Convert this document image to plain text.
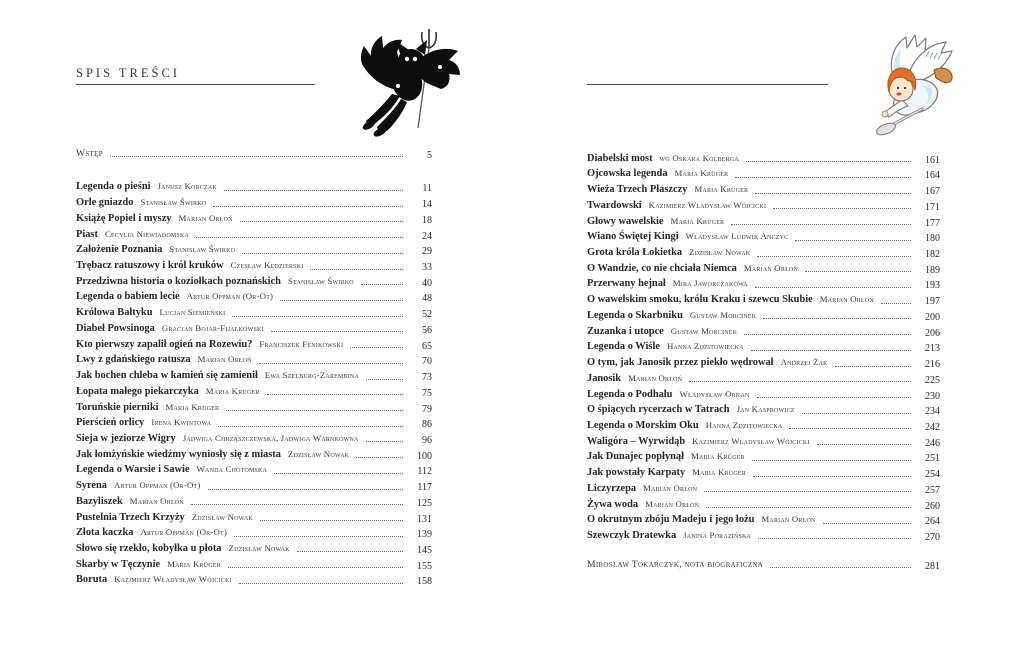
SPIS TREŚCI
Wstęp	5
Legenda o pieśni Janusz Korczak	11
Orle gniazdo Stanisław Świrko	14
Książę Popiel i myszy Marian Orłoń	18
Piast Cecylia Niewiadomska	24
Założenie Poznania Stanisław Świrko	29
Trębacz ratuszowy i król kruków Czesław Kędzierski	33
Przedziwna historia o koziołkach poznańskich Stanisław Świrko	40
Legenda o babiem lecie Artur Oppman (Or-Ot)	48
Królowa Bałtyku Lucjan Siemieński	52
Diabeł Powsinoga Gracjan Bojar-Fijałkowski	56
Kto pierwszy zapalił ogień na Rozewiu? Franciszek Fenikowski	65
Lwy z gdańskiego ratusza Marian Orłoń	70
Jak bochen chleba w kamień się zamienił Ewa Szelburg-Zarembina	73
Łopata małego piekarczyka Maria Krüger	75
Toruńskie pierniki Maria Krüger	79
Pierścień orlicy Irena Kwintowa	86
Sieja w jeziorze Wigry Jadwiga Chrząszczewska, Jadwiga Warnkówna	96
Jak łomżyńskie wiedźmy wyniosły się z miasta Zdzisław Nowak	100
Legenda o Warsie i Sawie Wanda Chotomska	112
Syrena Artur Oppman (Or-Ot)	117
Bazyliszek Marian Orłoń	125
Pustelnia Trzech Krzyży Zdzisław Nowak	131
Złota kaczka Artur Oppman (Or-Ot)	139
Słowo się rzekło, kobyłka u płota Zdzisław Nowak	145
Skarby w Tęczynie Maria Krüger	155
Boruta Kazimierz Władysław Wójcicki	158
Diabelski most wg Oskara Kolberga	161
Ojcowska legenda Maria Krüger	164
Wieża Trzech Płaszczy Maria Krüger	167
Twardowski Kazimierz Władysław Wójcicki	171
Głowy wawelskie Maria Krüger	177
Wiano Świętej Kingi Władysław Ludwik Anczyc	180
Grota króla Łokietka Zdzisław Nowak	182
O Wandzie, co nie chciała Niemca Marian Orłoń	189
Przerwany hejnał Mira Jaworczakowa	193
O wawelskim smoku, królu Kraku i szewcu Skubie Marian Orłoń	197
Legenda o Skarbniku Gustaw Morcinek	200
Zuzanka i utopce Gustaw Morcinek	206
Legenda o Wiśle Hanna Zdzitowiecka	213
O tym, jak Janosik przez piekło wędrował Andrzej Żak	216
Janosik Marian Orłoń	225
Legenda o Podhalu Władysław Orkan	230
O śpiących rycerzach w Tatrach Jan Kasprowicz	234
Legenda o Morskim Oku Hanna Zdzitowiecka	242
Waligóra – Wyrwidąb Kazimierz Władysław Wójcicki	246
Jak Dunajec popłynął Maria Krüger	251
Jak powstały Karpaty Maria Krüger	254
Liczyrzepa Marian Orłoń	257
Żywa woda Marian Orłoń	260
O okrutnym zbóju Madeju i jego łożu Marian Orłoń	264
Szewczyk Dratewka Janina Porazińska	270
Mirosław Tokarczyk, nota biograficzna	281
